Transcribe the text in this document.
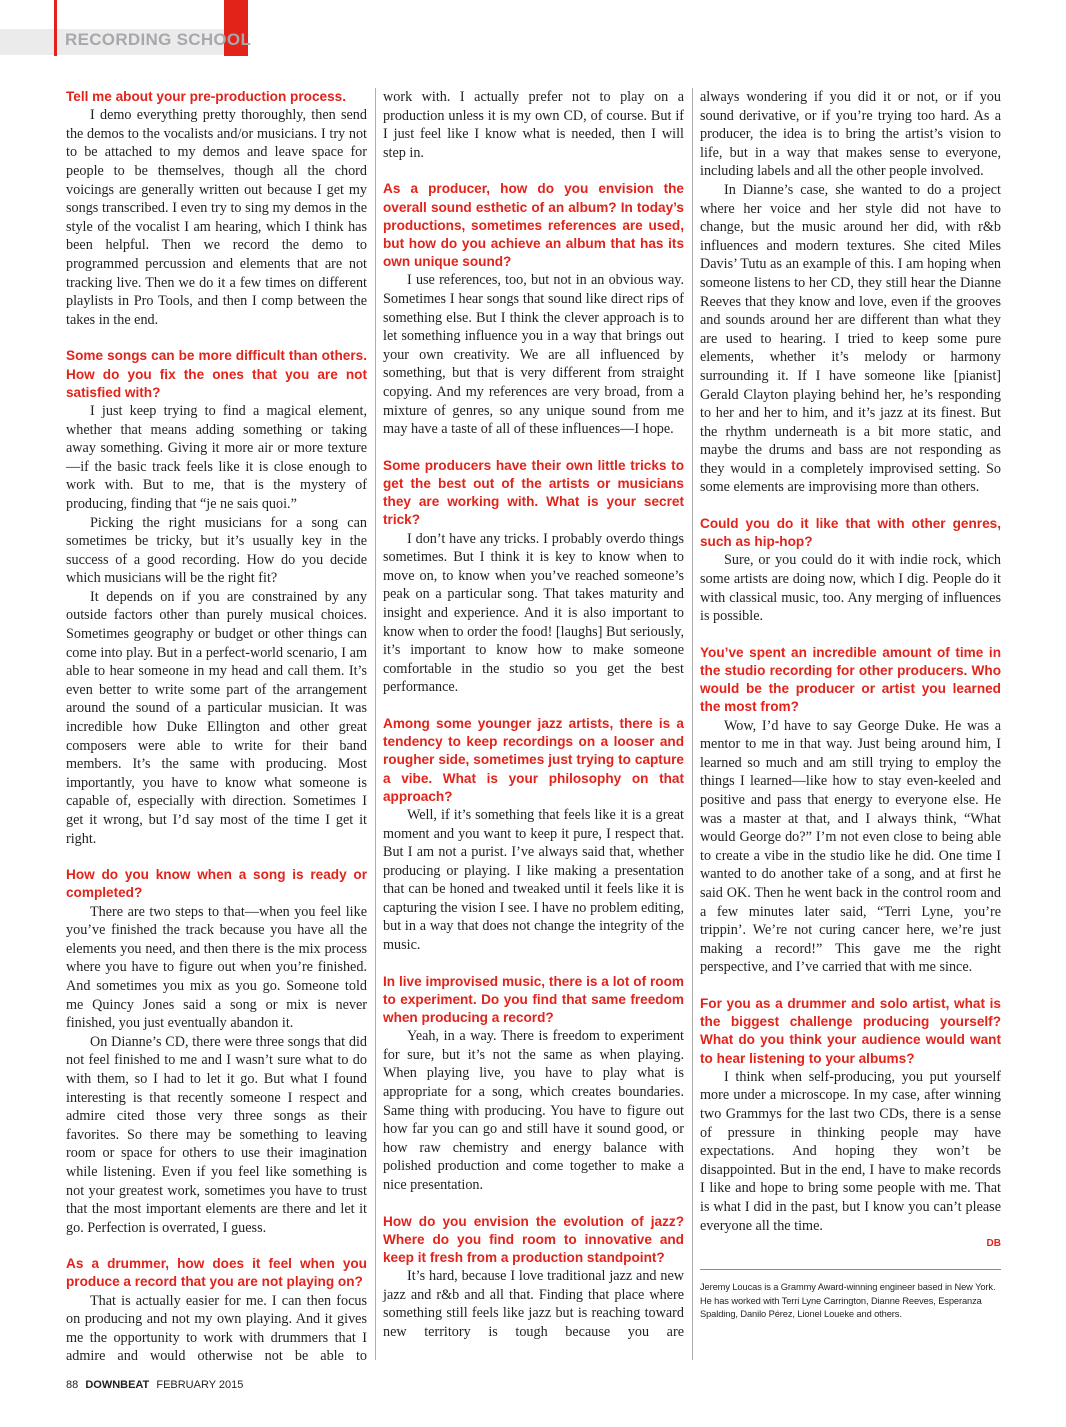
RECORDING SCHOOL
Tell me about your pre-production process.
I demo everything pretty thoroughly, then send the demos to the vocalists and/or musicians. I try not to be attached to my demos and leave space for people to be themselves, though all the chord voicings are generally written out because I get my songs transcribed. I even try to sing my demos in the style of the vocalist I am hearing, which I think has been helpful. Then we record the demo to programmed percussion and elements that are not tracking live. Then we do it a few times on different playlists in Pro Tools, and then I comp between the takes in the end.
Some songs can be more difficult than others. How do you fix the ones that you are not satisfied with?
I just keep trying to find a magical element, whether that means adding something or taking away something. Giving it more air or more texture—if the basic track feels like it is close enough to work with. But to me, that is the mystery of producing, finding that “je ne sais quoi.”
Picking the right musicians for a song can sometimes be tricky, but it’s usually key in the success of a good recording. How do you decide which musicians will be the right fit?
It depends on if you are constrained by any outside factors other than purely musical choices. Sometimes geography or budget or other things can come into play. But in a perfect-world scenario, I am able to hear someone in my head and call them. It’s even better to write some part of the arrangement around the sound of a particular musician. It was incredible how Duke Ellington and other great composers were able to write for their band members. It’s the same with producing. Most importantly, you have to know what someone is capable of, especially with direction. Sometimes I get it wrong, but I’d say most of the time I get it right.
How do you know when a song is ready or completed?
There are two steps to that—when you feel like you’ve finished the track because you have all the elements you need, and then there is the mix process where you have to figure out when you’re finished. And sometimes you mix as you go. Someone told me Quincy Jones said a song or mix is never finished, you just eventually abandon it.
On Dianne’s CD, there were three songs that did not feel finished to me and I wasn’t sure what to do with them, so I had to let it go. But what I found interesting is that recently someone I respect and admire cited those very three songs as their favorites. So there may be something to leaving room or space for others to use their imagination while listening. Even if you feel like something is not your greatest work, sometimes you have to trust that the most important elements are there and let it go. Perfection is overrated, I guess.
As a drummer, how does it feel when you produce a record that you are not playing on?
That is actually easier for me. I can then focus on producing and not my own playing. And it gives me the opportunity to work with drummers that I admire and would otherwise not be able to
work with. I actually prefer not to play on a production unless it is my own CD, of course. But if I just feel like I know what is needed, then I will step in.
As a producer, how do you envision the overall sound esthetic of an album? In today’s productions, sometimes references are used, but how do you achieve an album that has its own unique sound?
I use references, too, but not in an obvious way. Sometimes I hear songs that sound like direct rips of something else. But I think the clever approach is to let something influence you in a way that brings out your own creativity. We are all influenced by something, but that is very different from straight copying. And my references are very broad, from a mixture of genres, so any unique sound from me may have a taste of all of these influences—I hope.
Some producers have their own little tricks to get the best out of the artists or musicians they are working with. What is your secret trick?
I don’t have any tricks. I probably overdo things sometimes. But I think it is key to know when to move on, to know when you’ve reached someone’s peak on a particular song. That takes maturity and insight and experience. And it is also important to know when to order the food! [laughs] But seriously, it’s important to know how to make someone comfortable in the studio so you get the best performance.
Among some younger jazz artists, there is a tendency to keep recordings on a looser and rougher side, sometimes just trying to capture a vibe. What is your philosophy on that approach?
Well, if it’s something that feels like it is a great moment and you want to keep it pure, I respect that. But I am not a purist. I’ve always said that, whether producing or playing. I like making a presentation that can be honed and tweaked until it feels like it is capturing the vision I see. I have no problem editing, but in a way that does not change the integrity of the music.
In live improvised music, there is a lot of room to experiment. Do you find that same freedom when producing a record?
Yeah, in a way. There is freedom to experiment for sure, but it’s not the same as when playing. When playing live, you have to play what is appropriate for a song, which creates boundaries. Same thing with producing. You have to figure out how far you can go and still have it sound good, or how raw chemistry and energy balance with polished production and come together to make a nice presentation.
How do you envision the evolution of jazz? Where do you find room to innovative and keep it fresh from a production standpoint?
It’s hard, because I love traditional jazz and new jazz and r&b and all that. Finding that place where something still feels like jazz but is reaching toward new territory is tough because you are
always wondering if you did it or not, or if you sound derivative, or if you’re trying too hard. As a producer, the idea is to bring the artist’s vision to life, but in a way that makes sense to everyone, including labels and all the other people involved.
In Dianne’s case, she wanted to do a project where her voice and her style did not have to change, but the music around her did, with r&b influences and modern textures. She cited Miles Davis’ Tutu as an example of this. I am hoping when someone listens to her CD, they still hear the Dianne Reeves that they know and love, even if the grooves and sounds around her are different than what they are used to hearing. I tried to keep some pure elements, whether it’s melody or harmony surrounding it. If I have someone like [pianist] Gerald Clayton playing behind her, he’s responding to her and her to him, and it’s jazz at its finest. But the rhythm underneath is a bit more static, and maybe the drums and bass are not responding as they would in a completely improvised setting. So some elements are improvising more than others.
Could you do it like that with other genres, such as hip-hop?
Sure, or you could do it with indie rock, which some artists are doing now, which I dig. People do it with classical music, too. Any merging of influences is possible.
You’ve spent an incredible amount of time in the studio recording for other producers. Who would be the producer or artist you learned the most from?
Wow, I’d have to say George Duke. He was a mentor to me in that way. Just being around him, I learned so much and am still trying to employ the things I learned—like how to stay even-keeled and positive and pass that energy to everyone else. He was a master at that, and I always think, “What would George do?” I’m not even close to being able to create a vibe in the studio like he did. One time I wanted to do another take of a song, and at first he said OK. Then he went back in the control room and a few minutes later said, “Terri Lyne, you’re trippin’. We’re not curing cancer here, we’re just making a record!” This gave me the right perspective, and I’ve carried that with me since.
For you as a drummer and solo artist, what is the biggest challenge producing yourself? What do you think your audience would want to hear listening to your albums?
I think when self-producing, you put yourself more under a microscope. In my case, after winning two Grammys for the last two CDs, there is a sense of pressure in thinking people may have expectations. And hoping they won’t be disappointed. But in the end, I have to make records I like and hope to bring some people with me. That is what I did in the past, but I know you can’t please everyone all the time.
DB
Jeremy Loucas is a Grammy Award-winning engineer based in New York. He has worked with Terri Lyne Carrington, Dianne Reeves, Esperanza Spalding, Danilo Pérez, Lionel Loueke and others.
88 DOWNBEAT FEBRUARY 2015
